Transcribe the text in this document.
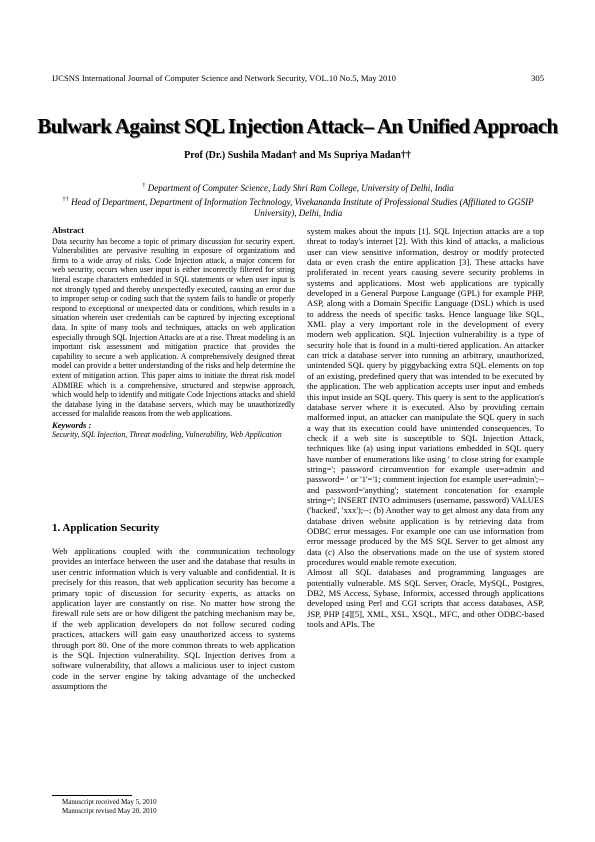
IJCSNS International Journal of Computer Science and Network Security, VOL.10 No.5, May 2010	305
Bulwark Against SQL Injection Attack– An Unified Approach
Prof (Dr.) Sushila Madan† and Ms Supriya Madan††
† Department of Computer Science, Lady Shri Ram College, University of Delhi, India
†† Head of Department, Department of Information Technology, Vivekananda Institute of Professional Studies (Affiliated to GGSIP University), Delhi, India
Abstract

Data security has become a topic of primary discussion for security expert. Vulnerabilities are pervasive resulting in exposure of organizations and firms to a wide array of risks. Code Injection attack, a major concern for web security, occurs when user input is either incorrectly filtered for string literal escape characters embedded in SQL statements or when user input is not strongly typed and thereby unexpectedly executed, causing an error due to improper setup or coding such that the system fails to handle or properly respond to exceptional or unexpected data or conditions, which results in a situation wherein user credentials can be captured by injecting exceptional data. In spite of many tools and techniques, attacks on web application especially through SQL Injection Attacks are at a rise. Threat modeling is an important risk assessment and mitigation practice that provides the capability to secure a web application. A comprehensively designed threat model can provide a better understanding of the risks and help determine the extent of mitigation action. This paper aims to initiate the threat risk model ADMIRE which is a comprehensive, structured and stepwise approach, which would help to identify and mitigate Code Injections attacks and shield the database lying in the database servers, which may be unauthorizedly accessed for malafide reasons from the web applications.

Keywords :

Security, SQL Injection, Threat modeling, Vulnerability, Web Application

1. Application Security

Web applications coupled with the communication technology provides an interface between the user and the database that results in user centric information which is very valuable and confidential. It is precisely for this reason, that web application security has become a primary topic of discussion for security experts, as attacks on application layer are constantly on rise. No matter how strong the firewall rule sets are or how diligent the patching mechanism may be, if the web application developers do not follow secured coding practices, attackers will gain easy unauthorized access to systems through port 80. One of the more common threats to web application is the SQL Injection vulnerability. SQL Injection derives from a software vulnerability, that allows a malicious user to inject custom code in the server engine by taking advantage of the unchecked assumptions the

system makes about the inputs [1]. SQL Injection attacks are a top threat to today's internet [2]. With this kind of attacks, a malicious user can view sensitive information, destroy or modify protected data or even crash the entire application [3]. These attacks have proliferated in recent years causing severe security problems in systems and applications. Most web applications are typically developed in a General Purpose Language (GPL) for example PHP, ASP, along with a Domain Specific Language (DSL) which is used to address the needs of specific tasks. Hence language like SQL, XML play a very important role in the development of every modern web application. SQL Injection vulnerability is a type of security hole that is found in a multi-tiered application. An attacker can trick a database server into running an arbitrary, unauthorized, unintended SQL query by piggybacking extra SQL elements on top of an existing, predefined query that was intended to be executed by the application. The web application accepts user input and embeds this input inside an SQL query. This query is sent to the application's database server where it is executed. Also by providing certain malformed input, an attacker can manipulate the SQL query in such a way that its execution could have unintended consequences. To check if a web site is susceptible to SQL Injection Attack, techniques like (a) using input variations embedded in SQL query have number of enumerations like using ' to close string for example string='; password circumvention for example user=admin and password= ' or '1'='1; comment injection for example user=admin';-- and password='anything'; statement concatenation for example string='; INSERT INTO adminusers (username, password) VALUES ('hacked', 'xxx');--; (b) Another way to get almost any data from any database driven website application is by retrieving data from ODBC error messages. For example one can use information from error message produced by the MS SQL Server to get almost any data (c) Also the observations made on the use of system stored procedures would enable remote execution.

Almost all SQL databases and programming languages are potentially vulnerable. MS SQL Server, Oracle, MySQL, Postgres, DB2, MS Access, Sybase, Informix, accessed through applications developed using Perl and CGI scripts that access databases, ASP, JSP, PHP [4][5], XML, XSL, XSQL, MFC, and other ODBC-based tools and APIs. The

Manuscript received May 5, 2010
Manuscript revised May 20, 2010
